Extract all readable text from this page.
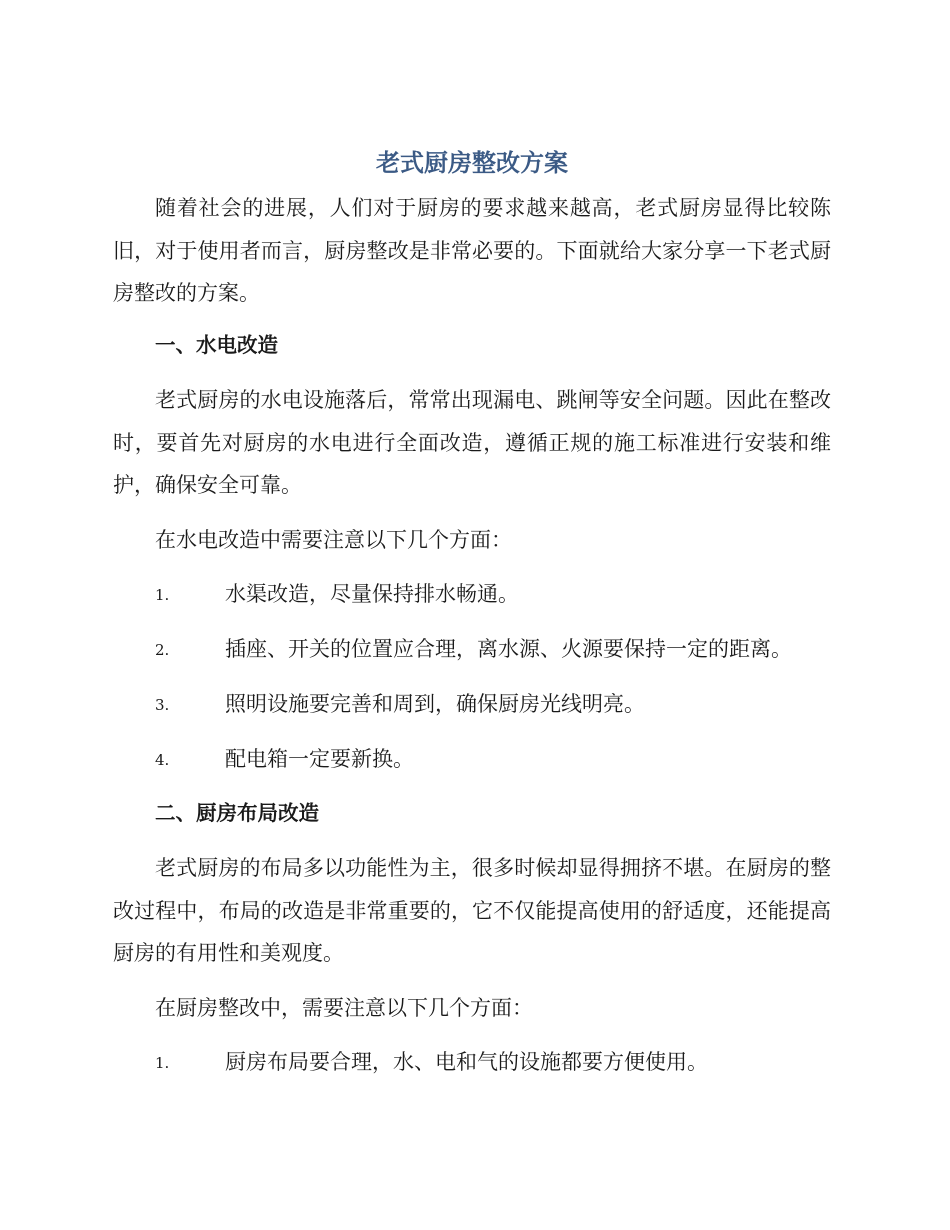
老式厨房整改方案

随着社会的进展，人们对于厨房的要求越来越高，老式厨房显得比较陈旧，对于使用者而言，厨房整改是非常必要的。下面就给大家分享一下老式厨房整改的方案。

一、水电改造

老式厨房的水电设施落后，常常出现漏电、跳闸等安全问题。因此在整改时，要首先对厨房的水电进行全面改造，遵循正规的施工标准进行安装和维护，确保安全可靠。

在水电改造中需要注意以下几个方面：

1.	水渠改造，尽量保持排水畅通。
2.	插座、开关的位置应合理，离水源、火源要保持一定的距离。
3.	照明设施要完善和周到，确保厨房光线明亮。
4.	配电箱一定要新换。
二、厨房布局改造

老式厨房的布局多以功能性为主，很多时候却显得拥挤不堪。在厨房的整改过程中，布局的改造是非常重要的，它不仅能提高使用的舒适度，还能提高厨房的有用性和美观度。

在厨房整改中，需要注意以下几个方面：

1.	厨房布局要合理，水、电和气的设施都要方便使用。
